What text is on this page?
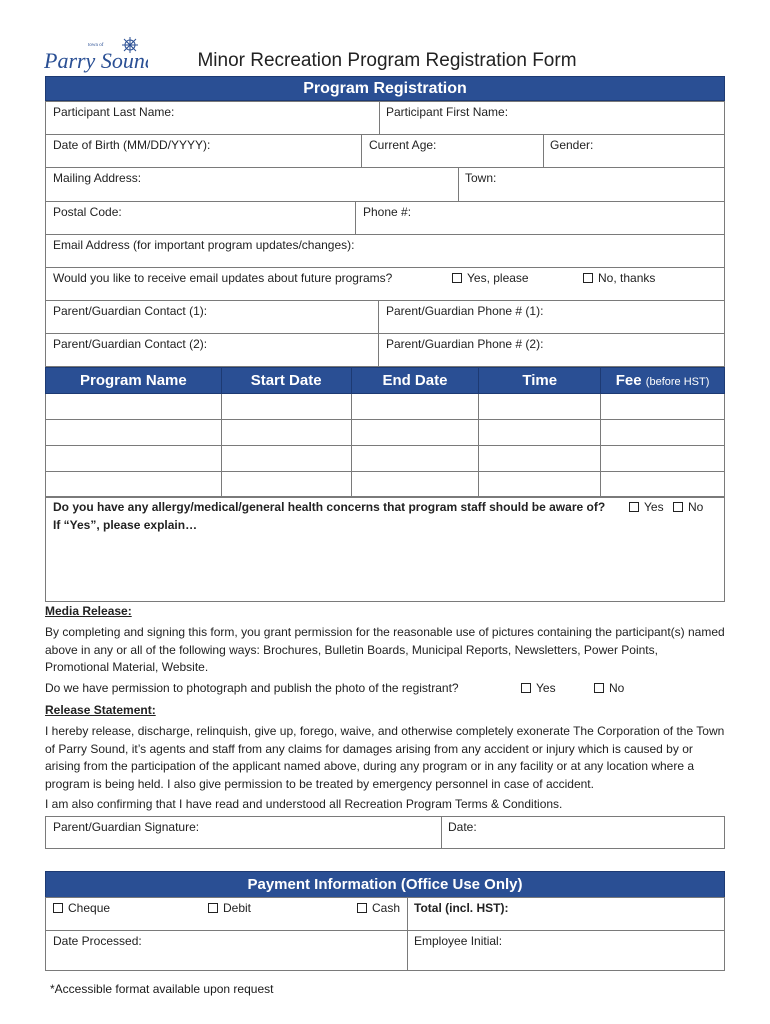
town of
Parry Sound	Minor Recreation Program Registration Form
Program Registration
Participant Last Name:	Participant First Name:
Date of Birth (MM/DD/YYYY):	Current Age:	Gender:
Mailing Address:	Town:
Postal Code:	Phone #:
Email Address (for important program updates/changes):
Would you like to receive email updates about future programs?	Yes, please	No, thanks
Parent/Guardian Contact (1):	Parent/Guardian Phone # (1):
Parent/Guardian Contact (2):	Parent/Guardian Phone # (2):
Program Name	Start Date	End Date	Time	Fee (before HST)

Do you have any allergy/medical/general health concerns that program staff should be aware of?	Yes	No
If “Yes”, please explain…
Media Release:
By completing and signing this form, you grant permission for the reasonable use of pictures containing the participant(s) named above in any or all of the following ways: Brochures, Bulletin Boards, Municipal Reports, Newsletters, Power Points, Promotional Material, Website.
Do we have permission to photograph and publish the photo of the registrant?	Yes	No
Release Statement:
I hereby release, discharge, relinquish, give up, forego, waive, and otherwise completely exonerate The Corporation of the Town of Parry Sound, it’s agents and staff from any claims for damages arising from any accident or injury which is caused by or arising from the participation of the applicant named above, during any program or in any facility or at any location where a program is being held. I also give permission to be treated by emergency personnel in case of accident.
I am also confirming that I have read and understood all Recreation Program Terms & Conditions.
Parent/Guardian Signature:	Date:
Payment Information (Office Use Only)
Cheque	Debit	Cash Total (incl. HST):
Date Processed:	Employee Initial:
*Accessible format available upon request
